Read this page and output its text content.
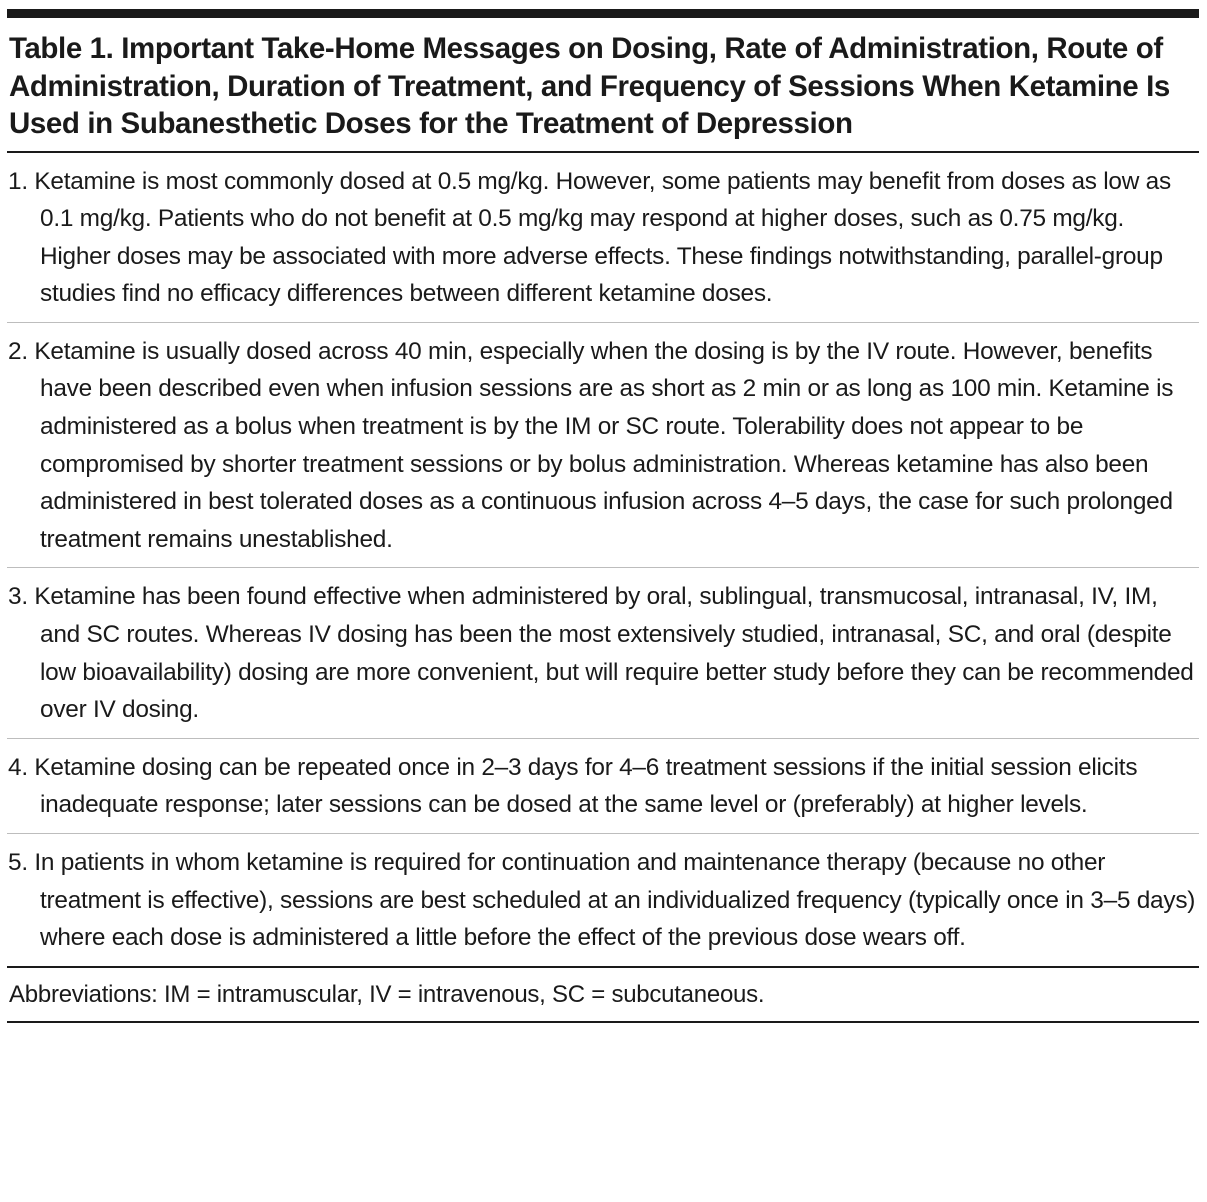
Table 1. Important Take-Home Messages on Dosing, Rate of Administration, Route of Administration, Duration of Treatment, and Frequency of Sessions When Ketamine Is Used in Subanesthetic Doses for the Treatment of Depression

1. Ketamine is most commonly dosed at 0.5 mg/kg. However, some patients may benefit from doses as low as 0.1 mg/kg. Patients who do not benefit at 0.5 mg/kg may respond at higher doses, such as 0.75 mg/kg. Higher doses may be associated with more adverse effects. These findings notwithstanding, parallel-group studies find no efficacy differences between different ketamine doses.

2. Ketamine is usually dosed across 40 min, especially when the dosing is by the IV route. However, benefits have been described even when infusion sessions are as short as 2 min or as long as 100 min. Ketamine is administered as a bolus when treatment is by the IM or SC route. Tolerability does not appear to be compromised by shorter treatment sessions or by bolus administration. Whereas ketamine has also been administered in best tolerated doses as a continuous infusion across 4–5 days, the case for such prolonged treatment remains unestablished.

3. Ketamine has been found effective when administered by oral, sublingual, transmucosal, intranasal, IV, IM, and SC routes. Whereas IV dosing has been the most extensively studied, intranasal, SC, and oral (despite low bioavailability) dosing are more convenient, but will require better study before they can be recommended over IV dosing.

4. Ketamine dosing can be repeated once in 2–3 days for 4–6 treatment sessions if the initial session elicits inadequate response; later sessions can be dosed at the same level or (preferably) at higher levels.

5. In patients in whom ketamine is required for continuation and maintenance therapy (because no other treatment is effective), sessions are best scheduled at an individualized frequency (typically once in 3–5 days) where each dose is administered a little before the effect of the previous dose wears off.

Abbreviations: IM = intramuscular, IV = intravenous, SC = subcutaneous.
